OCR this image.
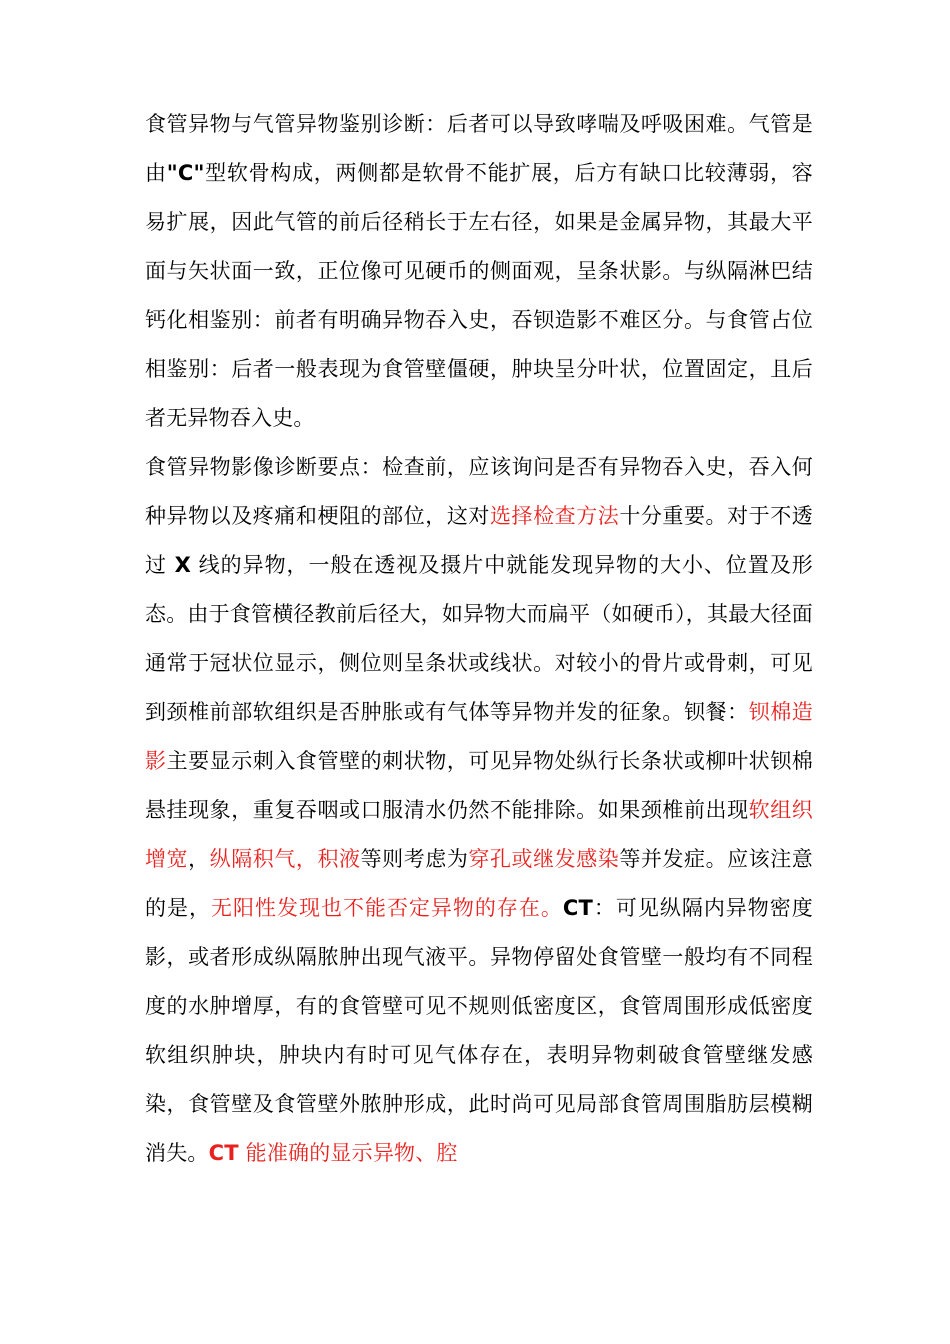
食管异物与气管异物鉴别诊断：后者可以导致哮喘及呼吸困难。气管是由"C"型软骨构成，两侧都是软骨不能扩展，后方有缺口比较薄弱，容易扩展，因此气管的前后径稍长于左右径，如果是金属异物，其最大平面与矢状面一致，正位像可见硬币的侧面观，呈条状影。与纵隔淋巴结钙化相鉴别：前者有明确异物吞入史，吞钡造影不难区分。与食管占位相鉴别：后者一般表现为食管壁僵硬，肿块呈分叶状，位置固定，且后者无异物吞入史。

食管异物影像诊断要点：检查前，应该询问是否有异物吞入史，吞入何种异物以及疼痛和梗阻的部位，这对选择检查方法十分重要。对于不透过 X 线的异物，一般在透视及摄片中就能发现异物的大小、位置及形态。由于食管横径教前后径大，如异物大而扁平（如硬币），其最大径面通常于冠状位显示，侧位则呈条状或线状。对较小的骨片或骨刺，可见到颈椎前部软组织是否肿胀或有气体等异物并发的征象。钡餐：钡棉造影主要显示刺入食管壁的刺状物，可见异物处纵行长条状或柳叶状钡棉悬挂现象，重复吞咽或口服清水仍然不能排除。如果颈椎前出现软组织增宽，纵隔积气，积液等则考虑为穿孔或继发感染等并发症。应该注意的是，无阳性发现也不能否定异物的存在。CT：可见纵隔内异物密度影，或者形成纵隔脓肿出现气液平。异物停留处食管壁一般均有不同程度的水肿增厚，有的食管壁可见不规则低密度区，食管周围形成低密度软组织肿块，肿块内有时可见气体存在，表明异物刺破食管壁继发感染，食管壁及食管壁外脓肿形成，此时尚可见局部食管周围脂肪层模糊消失。CT 能准确的显示异物、腔
